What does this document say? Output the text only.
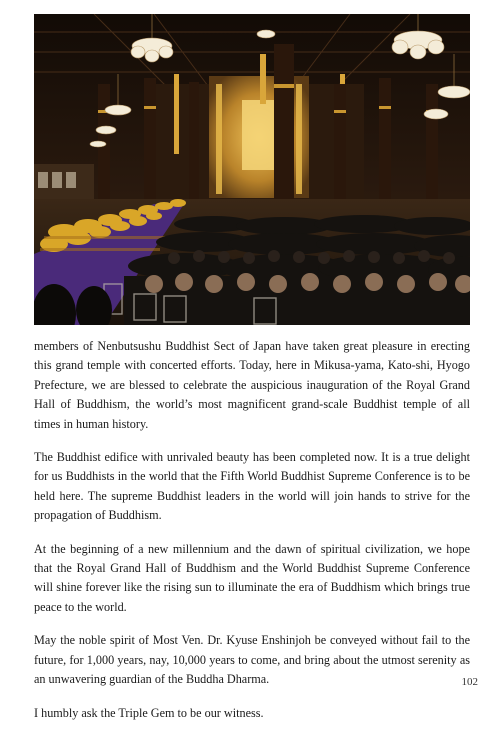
members of Nenbutsushu Buddhist Sect of Japan have taken great pleasure in erecting this grand temple with concerted efforts. Today, here in Mikusa-yama, Kato-shi, Hyogo Prefecture, we are blessed to celebrate the auspicious inauguration of the Royal Grand Hall of Buddhism, the world’s most magnificent grand-scale Buddhist temple of all times in human history.

The Buddhist edifice with unrivaled beauty has been completed now. It is a true delight for us Buddhists in the world that the Fifth World Buddhist Supreme Conference is to be held here. The supreme Buddhist leaders in the world will join hands to strive for the propagation of Buddhism.

At the beginning of a new millennium and the dawn of spiritual civilization, we hope that the Royal Grand Hall of Buddhism and the World Buddhist Supreme Conference will shine forever like the rising sun to illuminate the era of Buddhism which brings true peace to the world.

May the noble spirit of Most Ven. Dr. Kyuse Enshinjoh be conveyed without fail to the future, for 1,000 years, nay, 10,000 years to come, and bring about the utmost serenity as an unwavering guardian of the Buddha Dharma.

I humbly ask the Triple Gem to be our witness.

102
